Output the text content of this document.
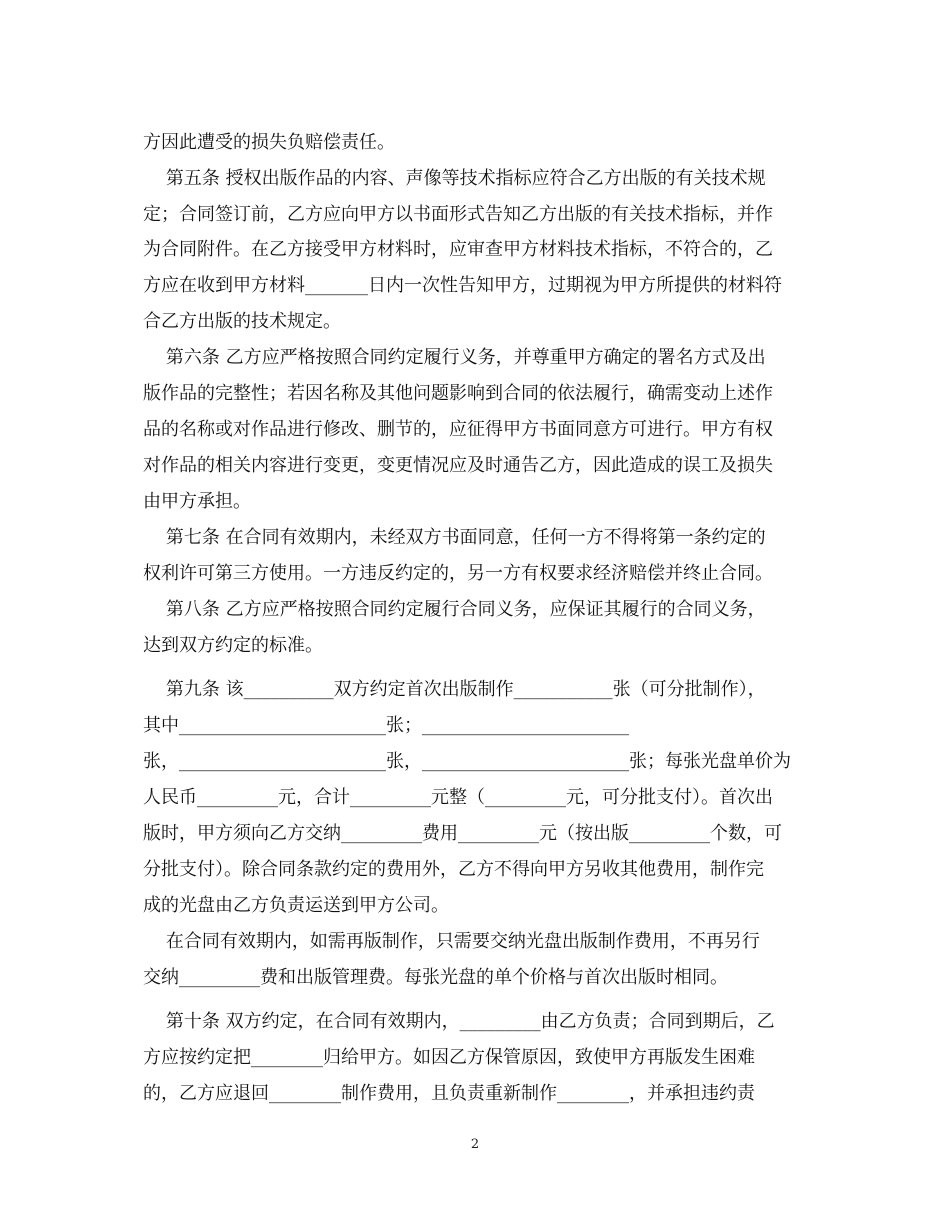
方因此遭受的损失负赔偿责任。
第五条 授权出版作品的内容、声像等技术指标应符合乙方出版的有关技术规
定；合同签订前，乙方应向甲方以书面形式告知乙方出版的有关技术指标，并作
为合同附件。在乙方接受甲方材料时，应审查甲方材料技术指标，不符合的，乙
方应在收到甲方材料_______日内一次性告知甲方，过期视为甲方所提供的材料符
合乙方出版的技术规定。
第六条 乙方应严格按照合同约定履行义务，并尊重甲方确定的署名方式及出
版作品的完整性；若因名称及其他问题影响到合同的依法履行，确需变动上述作
品的名称或对作品进行修改、删节的，应征得甲方书面同意方可进行。甲方有权
对作品的相关内容进行变更，变更情况应及时通告乙方，因此造成的误工及损失
由甲方承担。
第七条 在合同有效期内，未经双方书面同意，任何一方不得将第一条约定的
权利许可第三方使用。一方违反约定的，另一方有权要求经济赔偿并终止合同。
第八条 乙方应严格按照合同约定履行合同义务，应保证其履行的合同义务，
达到双方约定的标准。
第九条 该__________双方约定首次出版制作___________张（可分批制作），
其中_______________________张；_______________________
张，_______________________张，_______________________张；每张光盘单价为
人民币_________元，合计_________元整（_________元，可分批支付）。首次出
版时，甲方须向乙方交纳_________费用_________元（按出版_________个数，可
分批支付）。除合同条款约定的费用外，乙方不得向甲方另收其他费用，制作完
成的光盘由乙方负责运送到甲方公司。
在合同有效期内，如需再版制作，只需要交纳光盘出版制作费用，不再另行
交纳_________费和出版管理费。每张光盘的单个价格与首次出版时相同。
第十条 双方约定，在合同有效期内，_________由乙方负责；合同到期后，乙
方应按约定把________归给甲方。如因乙方保管原因，致使甲方再版发生困难
的，乙方应退回________制作费用，且负责重新制作________，并承担违约责
2
